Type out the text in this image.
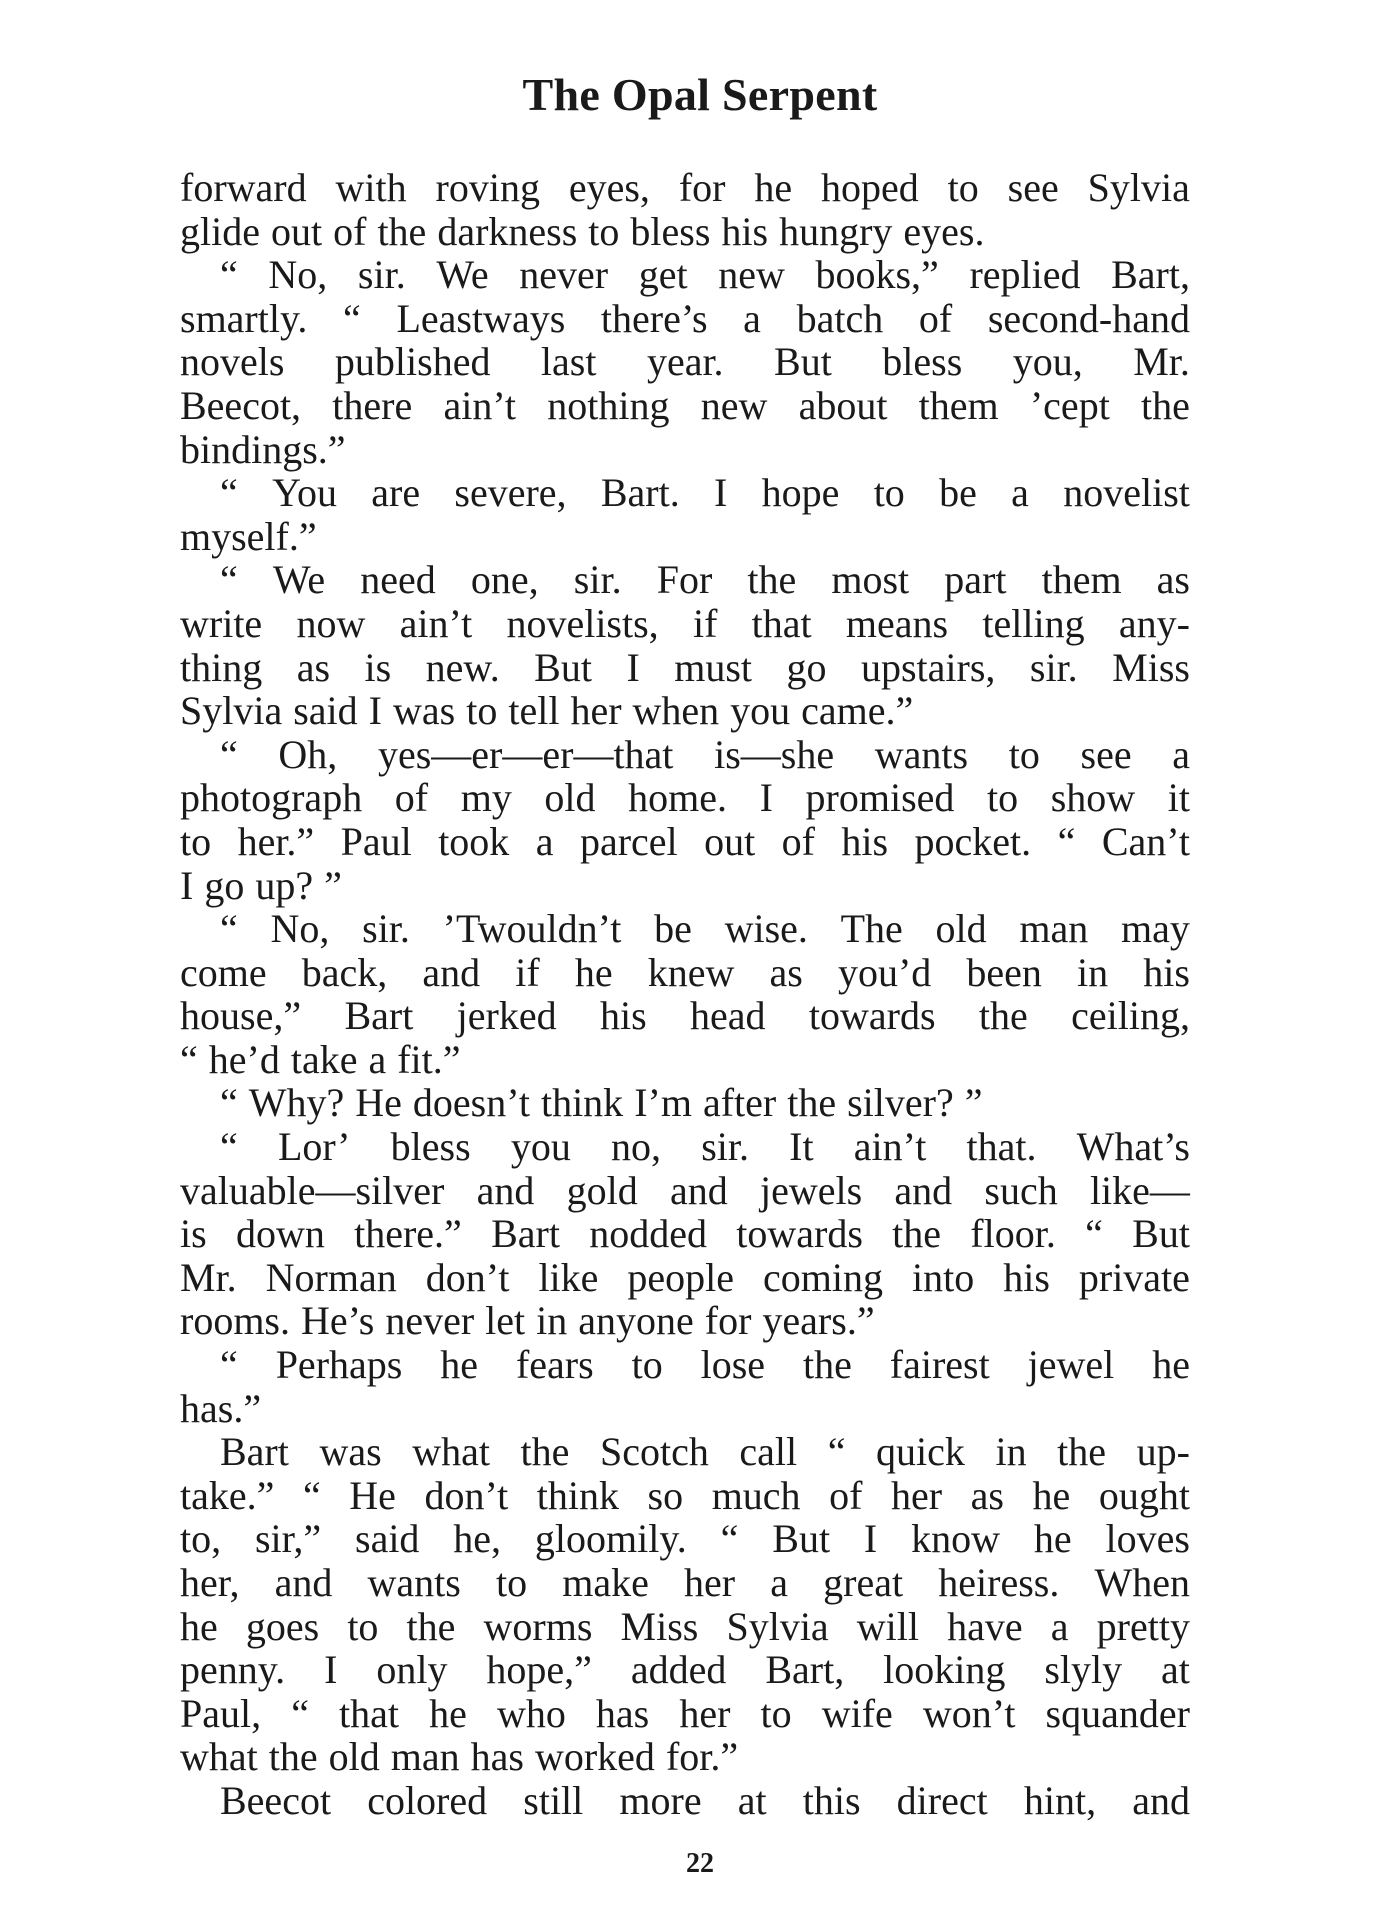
The Opal Serpent
forward with roving eyes, for he hoped to see Sylvia
glide out of the darkness to bless his hungry eyes.
“ No, sir. We never get new books,” replied Bart,
smartly. “ Leastways there’s a batch of second-hand
novels published last year. But bless you, Mr.
Beecot, there ain’t nothing new about them ’cept the
bindings.”
“ You are severe, Bart. I hope to be a novelist
myself.”
“ We need one, sir. For the most part them as
write now ain’t novelists, if that means telling any-
thing as is new. But I must go upstairs, sir. Miss
Sylvia said I was to tell her when you came.”
“ Oh, yes—er—er—that is—she wants to see a
photograph of my old home. I promised to show it
to her.” Paul took a parcel out of his pocket. “ Can’t
I go up? ”
“ No, sir. ’Twouldn’t be wise. The old man may
come back, and if he knew as you’d been in his
house,” Bart jerked his head towards the ceiling,
“ he’d take a fit.”
“ Why? He doesn’t think I’m after the silver? ”
“ Lor’ bless you no, sir. It ain’t that. What’s
valuable—silver and gold and jewels and such like—
is down there.” Bart nodded towards the floor. “ But
Mr. Norman don’t like people coming into his private
rooms. He’s never let in anyone for years.”
“ Perhaps he fears to lose the fairest jewel he
has.”
Bart was what the Scotch call “ quick in the up-
take.” “ He don’t think so much of her as he ought
to, sir,” said he, gloomily. “ But I know he loves
her, and wants to make her a great heiress. When
he goes to the worms Miss Sylvia will have a pretty
penny. I only hope,” added Bart, looking slyly at
Paul, “ that he who has her to wife won’t squander
what the old man has worked for.”
Beecot colored still more at this direct hint, and
22
